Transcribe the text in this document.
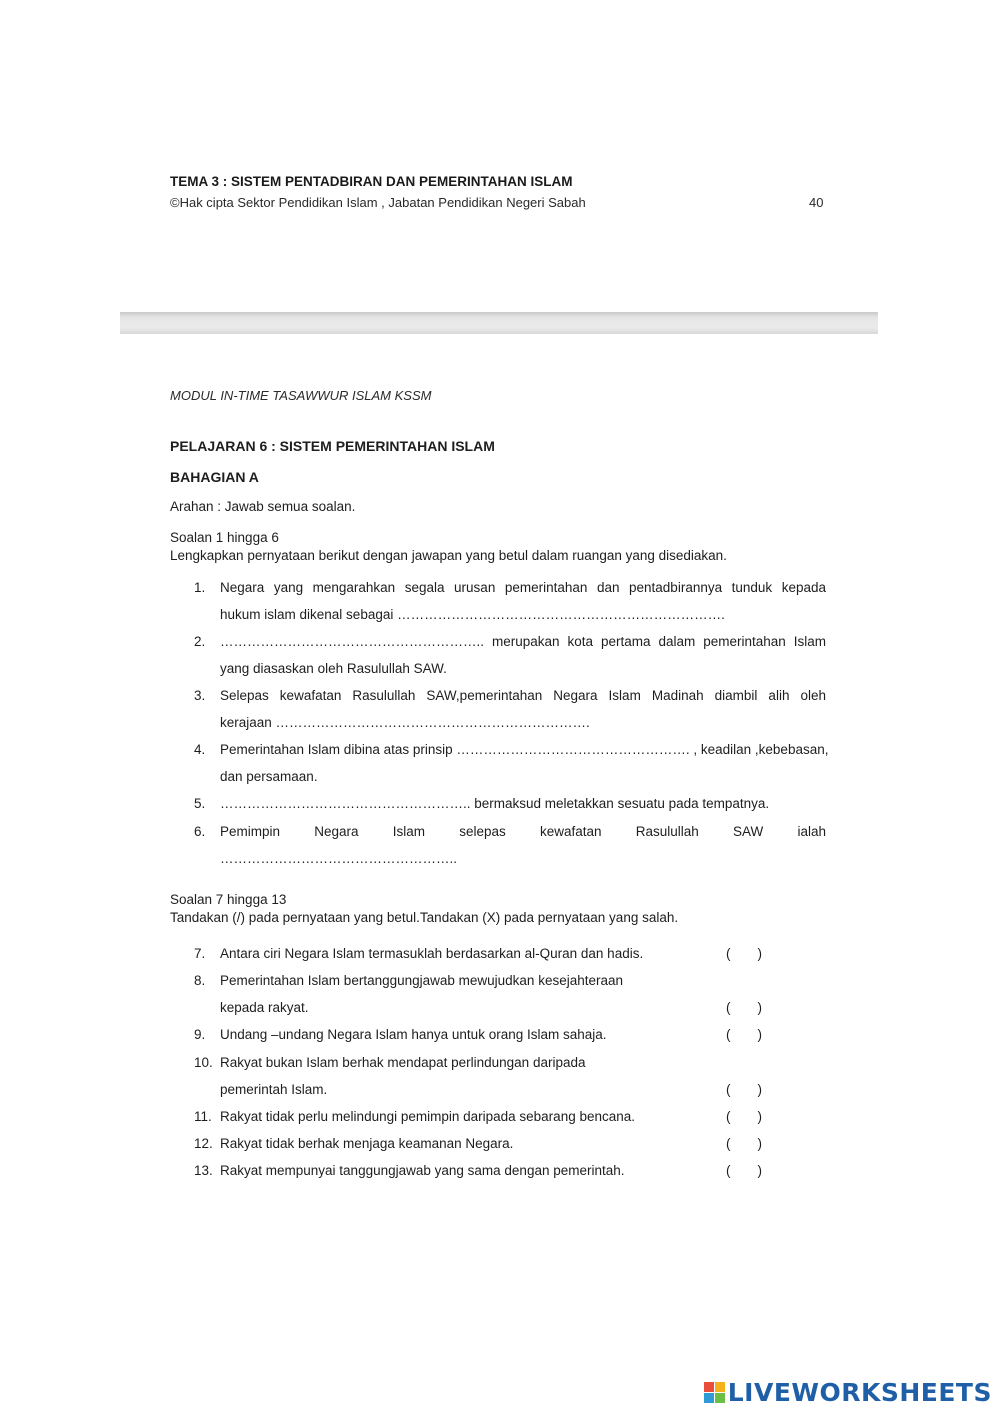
TEMA 3 : SISTEM PENTADBIRAN DAN PEMERINTAHAN ISLAM
©Hak cipta Sektor Pendidikan Islam , Jabatan Pendidikan Negeri Sabah	40
MODUL IN-TIME TASAWWUR ISLAM KSSM
PELAJARAN 6 : SISTEM PEMERINTAHAN ISLAM
BAHAGIAN A
Arahan : Jawab semua soalan.
Soalan 1 hingga 6
Lengkapkan pernyataan berikut dengan jawapan yang betul dalam ruangan yang disediakan.
1.	Negara yang mengarahkan segala urusan pemerintahan dan pentadbirannya tunduk kepada
hukum islam dikenal sebagai ……………………………………………………………….
2.	………………………………………………….. merupakan kota pertama dalam pemerintahan Islam
yang diasaskan oleh Rasulullah SAW.
3.	Selepas kewafatan Rasulullah SAW,pemerintahan Negara Islam Madinah diambil alih oleh
kerajaan …………………………………………………………….
4.	Pemerintahan Islam dibina atas prinsip ……………………………………………. , keadilan ,kebebasan,
dan persamaan.
5.	……………………………………………….. bermaksud meletakkan sesuatu pada tempatnya.
6.	Pemimpin Negara Islam selepas kewafatan Rasulullah SAW ialah
……………………………………………..
Soalan 7 hingga 13
Tandakan (/) pada pernyataan yang betul.Tandakan (X) pada pernyataan yang salah.
7.	Antara ciri Negara Islam termasuklah berdasarkan al-Quran dan hadis.	( )
8.	Pemerintahan Islam bertanggungjawab mewujudkan kesejahteraan
kepada rakyat.	( )
9.	Undang –undang Negara Islam hanya untuk orang Islam sahaja.	( )
10. Rakyat bukan Islam berhak mendapat perlindungan daripada
pemerintah Islam.	( )
11. Rakyat tidak perlu melindungi pemimpin daripada sebarang bencana.	( )
12. Rakyat tidak berhak menjaga keamanan Negara.	( )
13. Rakyat mempunyai tanggungjawab yang sama dengan pemerintah.	( )
LIVEWORKSHEETS
